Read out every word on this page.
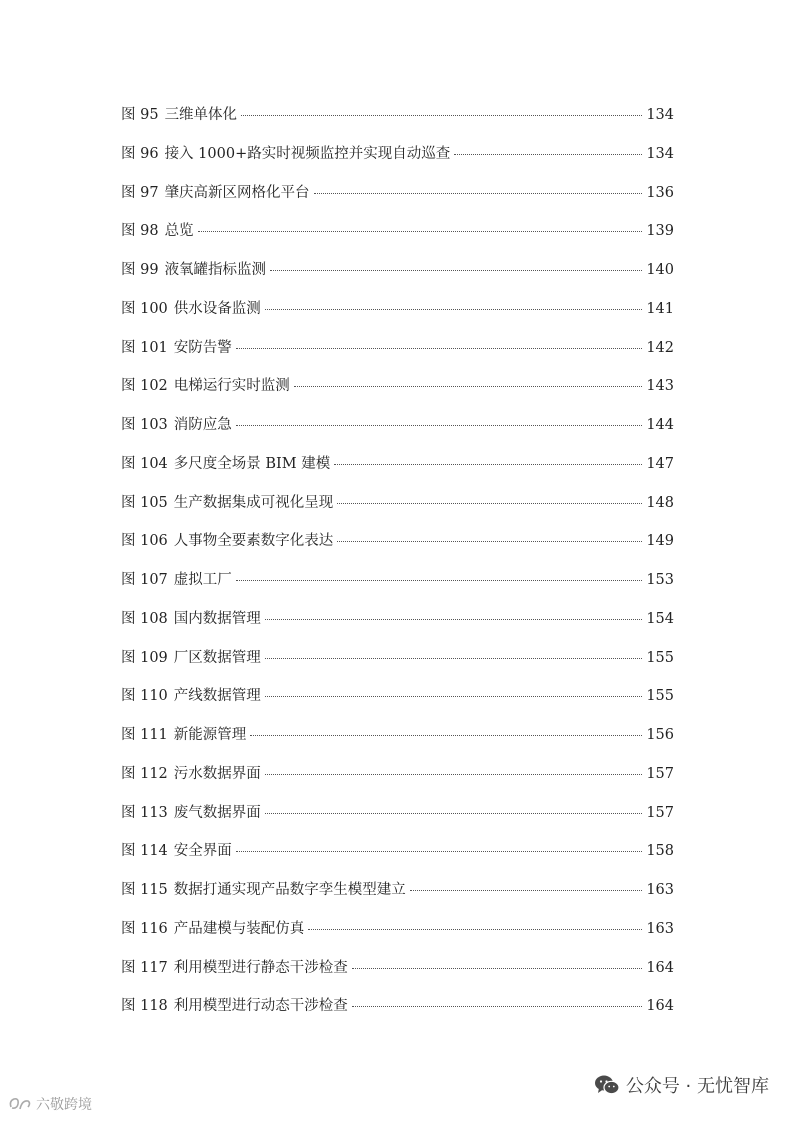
图 95 三维单体化	134
图 96 接入 1000+路实时视频监控并实现自动巡查	134
图 97 肇庆高新区网格化平台	136
图 98 总览	139
图 99 液氧罐指标监测	140
图 100 供水设备监测	141
图 101 安防告警	142
图 102 电梯运行实时监测	143
图 103 消防应急	144
图 104 多尺度全场景 BIM 建模	147
图 105 生产数据集成可视化呈现	148
图 106 人事物全要素数字化表达	149
图 107 虚拟工厂	153
图 108 国内数据管理	154
图 109 厂区数据管理	155
图 110 产线数据管理	155
图 111 新能源管理	156
图 112 污水数据界面	157
图 113 废气数据界面	157
图 114 安全界面	158
图 115 数据打通实现产品数字孪生模型建立	163
图 116 产品建模与装配仿真	163
图 117 利用模型进行静态干涉检查	164
图 118 利用模型进行动态干涉检查	164
公众号 · 无忧智库
六敬跨境
